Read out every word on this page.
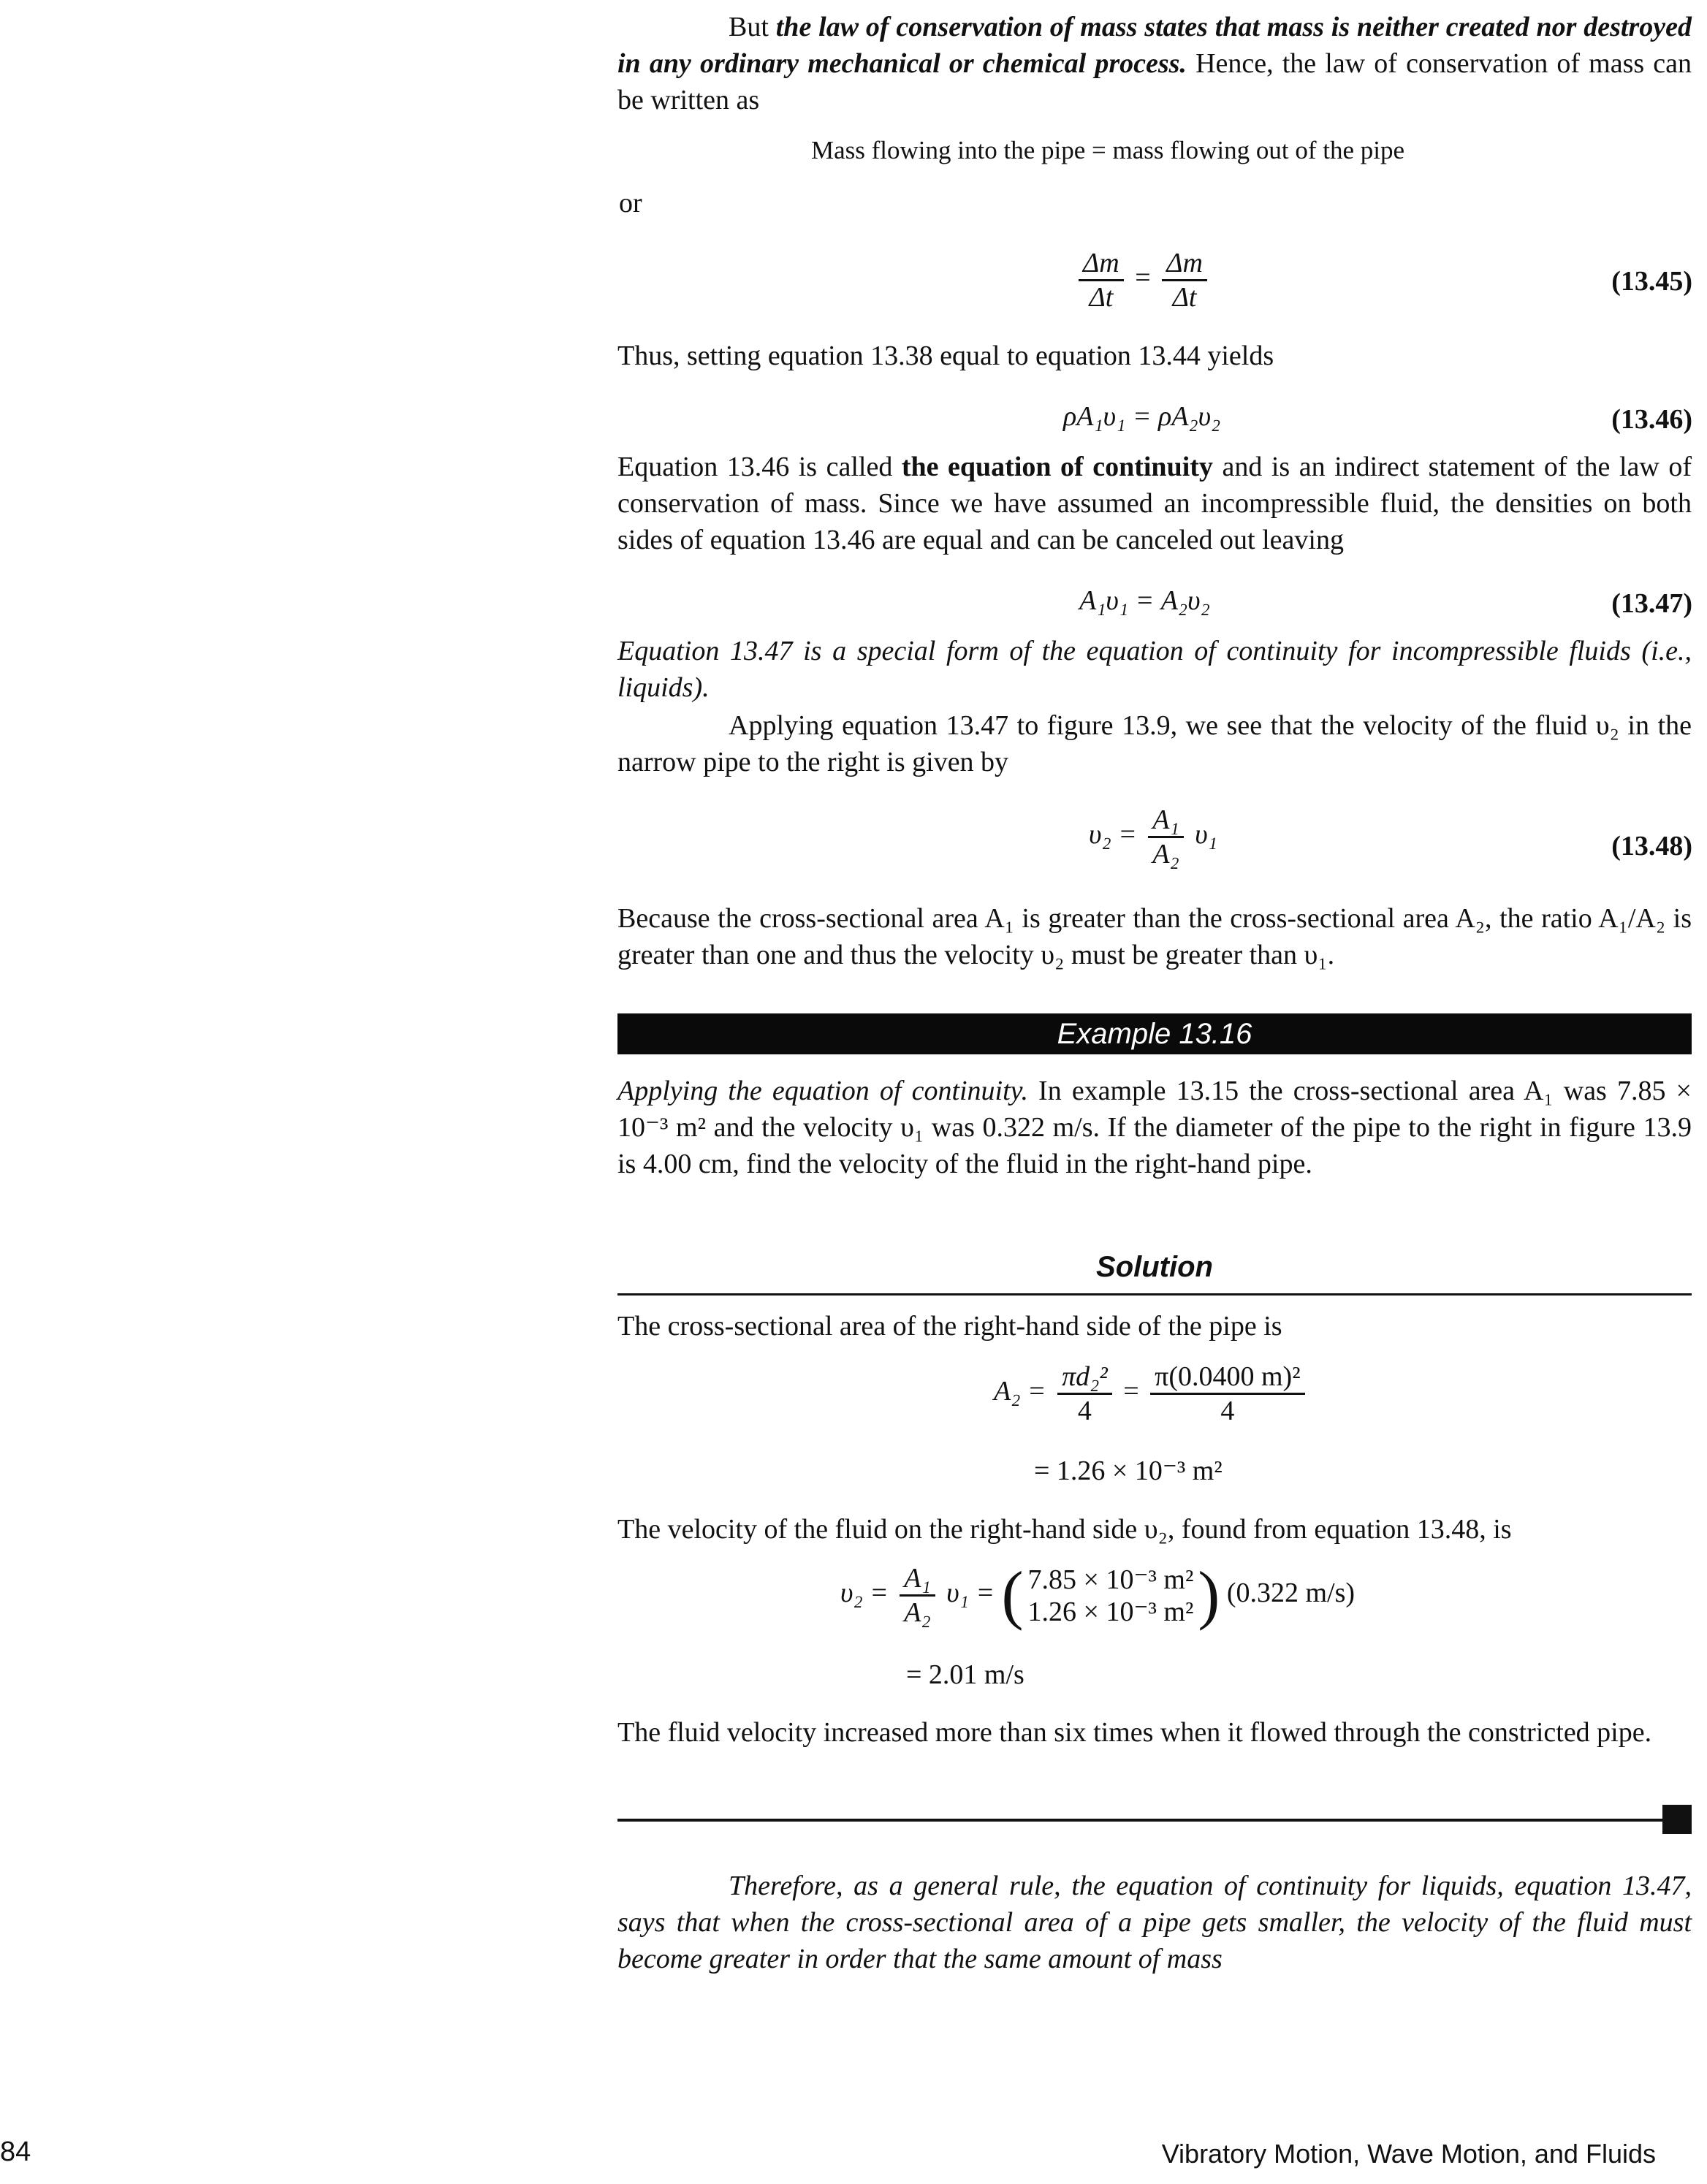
But the law of conservation of mass states that mass is neither created nor destroyed in any ordinary mechanical or chemical process. Hence, the law of conservation of mass can be written as

Mass flowing into the pipe = mass flowing out of the pipe
or
$\frac{\Delta m}{\Delta t} = \frac{\Delta m}{\Delta t}$	(13.45)
Thus, setting equation 13.38 equal to equation 13.44 yields
ρA₁υ₁ = ρA₂υ₂	(13.46)

Equation 13.46 is called the equation of continuity and is an indirect statement of the law of conservation of mass. Since we have assumed an incompressible fluid, the densities on both sides of equation 13.46 are equal and can be canceled out leaving

A₁υ₁ = A₂υ₂	(13.47)
Equation 13.47 is a special form of the equation of continuity for incompressible fluids (i.e., liquids).
Applying equation 13.47 to figure 13.9, we see that the velocity of the fluid υ₂ in the narrow pipe to the right is given by
$\upsilon_2 = \frac{\text{A₁}}{\text{A₂}} \upsilon_1$	(13.48)
Because the cross-sectional area A₁ is greater than the cross-sectional area A₂, the ratio A₁/A₂ is greater than one and thus the velocity υ₂ must be greater than υ₁.
Example 13.16

Applying the equation of continuity. In example 13.15 the cross-sectional area A₁ was 7.85 × 10⁻³ m² and the velocity υ₁ was 0.322 m/s. If the diameter of the pipe to the right in figure 13.9 is 4.00 cm, find the velocity of the fluid in the right-hand pipe.

Solution
The cross-sectional area of the right-hand side of the pipe is
$A_2 = \frac{\text{πd₂²}}{4} = \frac{\text{π(0.0400 m)²}}{4}$
= 1.26 × 10⁻³ m²
The velocity of the fluid on the right-hand side υ₂, found from equation 13.48, is
$\upsilon_2 = \frac{\text{A₁}}{\text{A₂}} \upsilon_1$ = ( 7.85 × 10⁻³ m²
1.26 × 10⁻³ m² ) (0.322 m/s)
= 2.01 m/s
The fluid velocity increased more than six times when it flowed through the constricted pipe.
Therefore, as a general rule, the equation of continuity for liquids, equation 13.47, says that when the cross-sectional area of a pipe gets smaller, the velocity of the fluid must become greater in order that the same amount of mass
84	Vibratory Motion, Wave Motion, and Fluids
